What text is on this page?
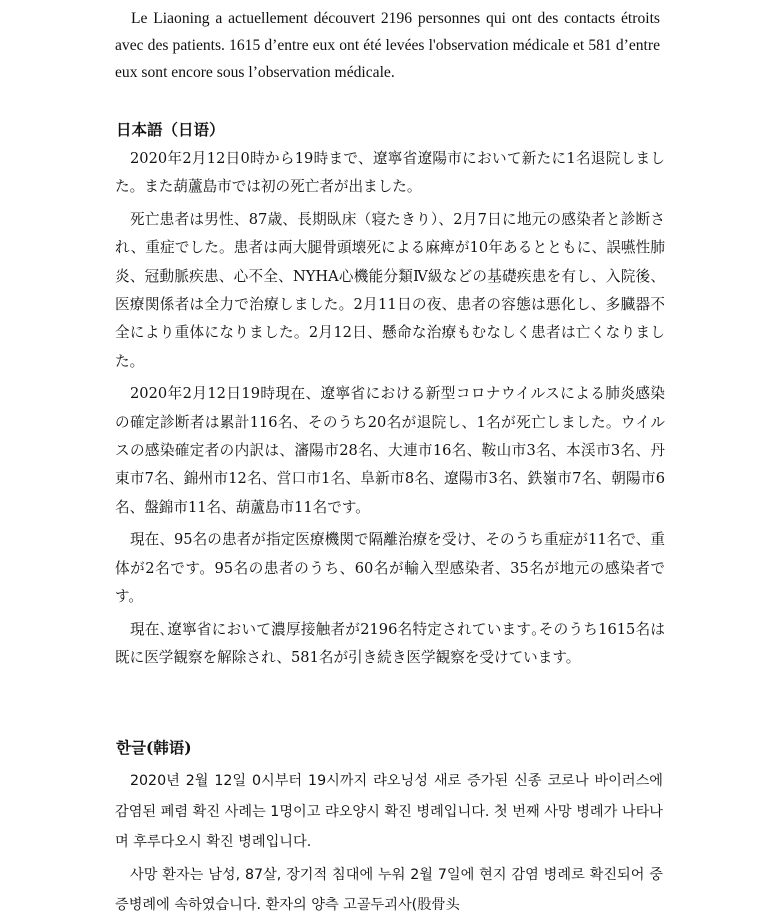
Le Liaoning a actuellement découvert 2196 personnes qui ont des contacts étroits avec des patients. 1615 d’entre eux ont été levées l'observation médicale et 581 d’entre eux sont encore sous l’observation médicale.

日本語（日语）

2020年2月12日0時から19時まで、遼寧省遼陽市において新たに1名退院しました。また葫蘆島市では初の死亡者が出ました。

死亡患者は男性、87歳、長期臥床（寝たきり）、2月7日に地元の感染者と診断され、重症でした。患者は両大腿骨頭壊死による麻痺が10年あるとともに、誤嚥性肺炎、冠動脈疾患、心不全、NYHA心機能分類Ⅳ級などの基礎疾患を有し、入院後、医療関係者は全力で治療しました。2月11日の夜、患者の容態は悪化し、多臓器不全により重体になりました。2月12日、懸命な治療もむなしく患者は亡くなりました。

2020年2月12日19時現在、遼寧省における新型コロナウイルスによる肺炎感染の確定診断者は累計116名、そのうち20名が退院し、1名が死亡しました。ウイルスの感染確定者の内訳は、瀋陽市28名、大連市16名、鞍山市3名、本渓市3名、丹東市7名、錦州市12名、営口市1名、阜新市8名、遼陽市3名、鉄嶺市7名、朝陽市6名、盤錦市11名、葫蘆島市11名です。

現在、95名の患者が指定医療機関で隔離治療を受け、そのうち重症が11名で、重体が2名です。95名の患者のうち、60名が輸入型感染者、35名が地元の感染者です。

現在､遼寧省において濃厚接触者が2196名特定されています｡そのうち1615名は既に医学観察を解除され、581名が引き続き医学観察を受けています。

한글(韩语)

2020년 2월 12일 0시부터 19시까지 랴오닝성 새로 증가된 신종 코로나 바이러스에 감염된 폐렴 확진 사례는 1명이고 랴오양시 확진 병례입니다. 첫 번째 사망 병례가 나타나며 후루다오시 확진 병례입니다.

사망 환자는 남성, 87살, 장기적 침대에 누워 2월 7일에 현지 감염 병례로 확진되어 중증병례에 속하였습니다. 환자의 양측 고골두괴사(股骨头
